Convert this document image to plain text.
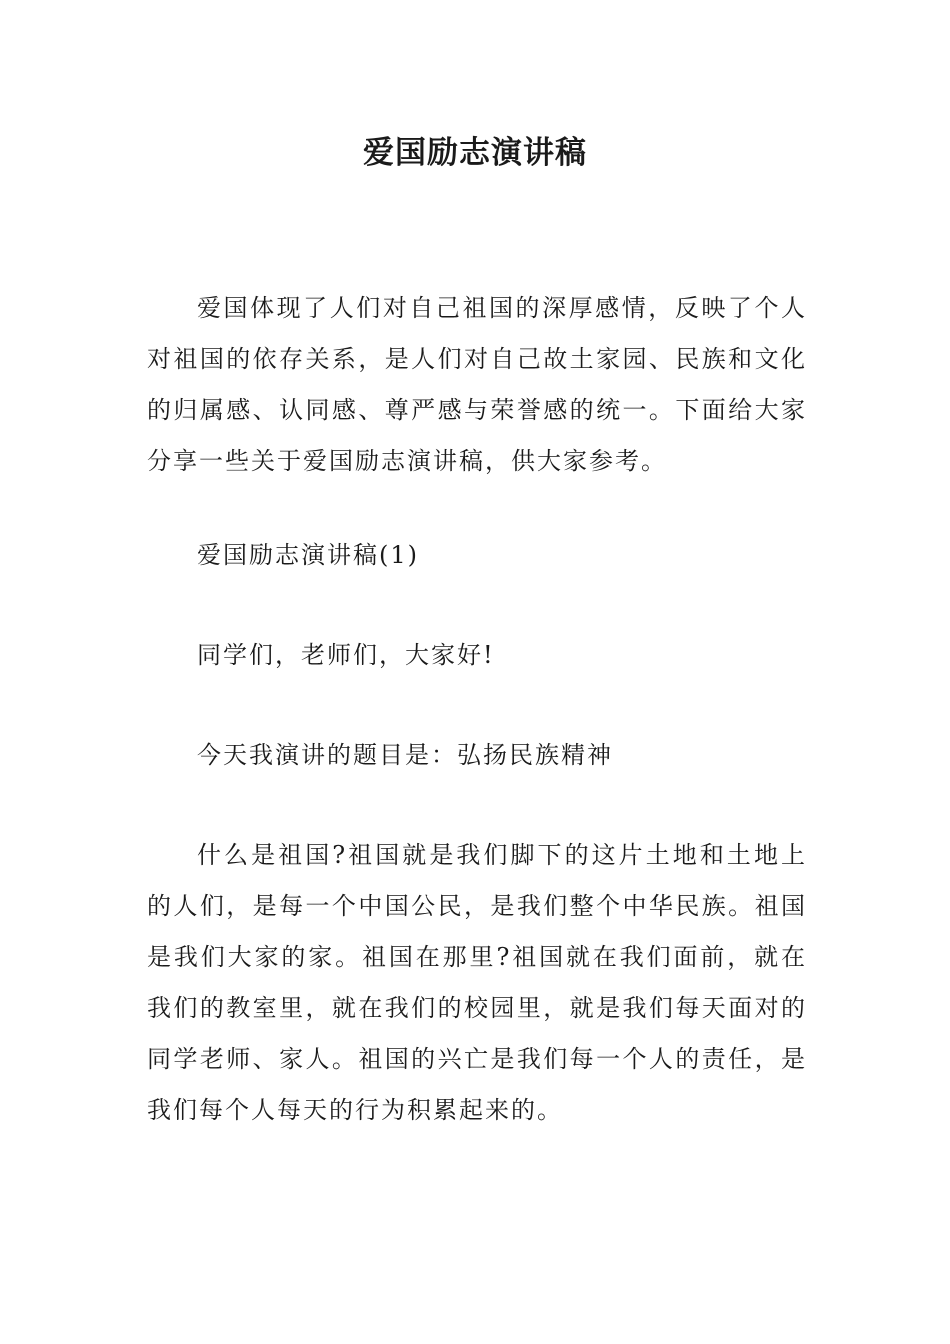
爱国励志演讲稿

爱国体现了人们对自己祖国的深厚感情，反映了个人对祖国的依存关系，是人们对自己故土家园、民族和文化的归属感、认同感、尊严感与荣誉感的统一。下面给大家分享一些关于爱国励志演讲稿，供大家参考。

爱国励志演讲稿(1)

同学们，老师们，大家好!

今天我演讲的题目是：弘扬民族精神

什么是祖国?祖国就是我们脚下的这片土地和土地上的人们，是每一个中国公民，是我们整个中华民族。祖国是我们大家的家。祖国在那里?祖国就在我们面前，就在我们的教室里，就在我们的校园里，就是我们每天面对的同学老师、家人。祖国的兴亡是我们每一个人的责任，是我们每个人每天的行为积累起来的。
